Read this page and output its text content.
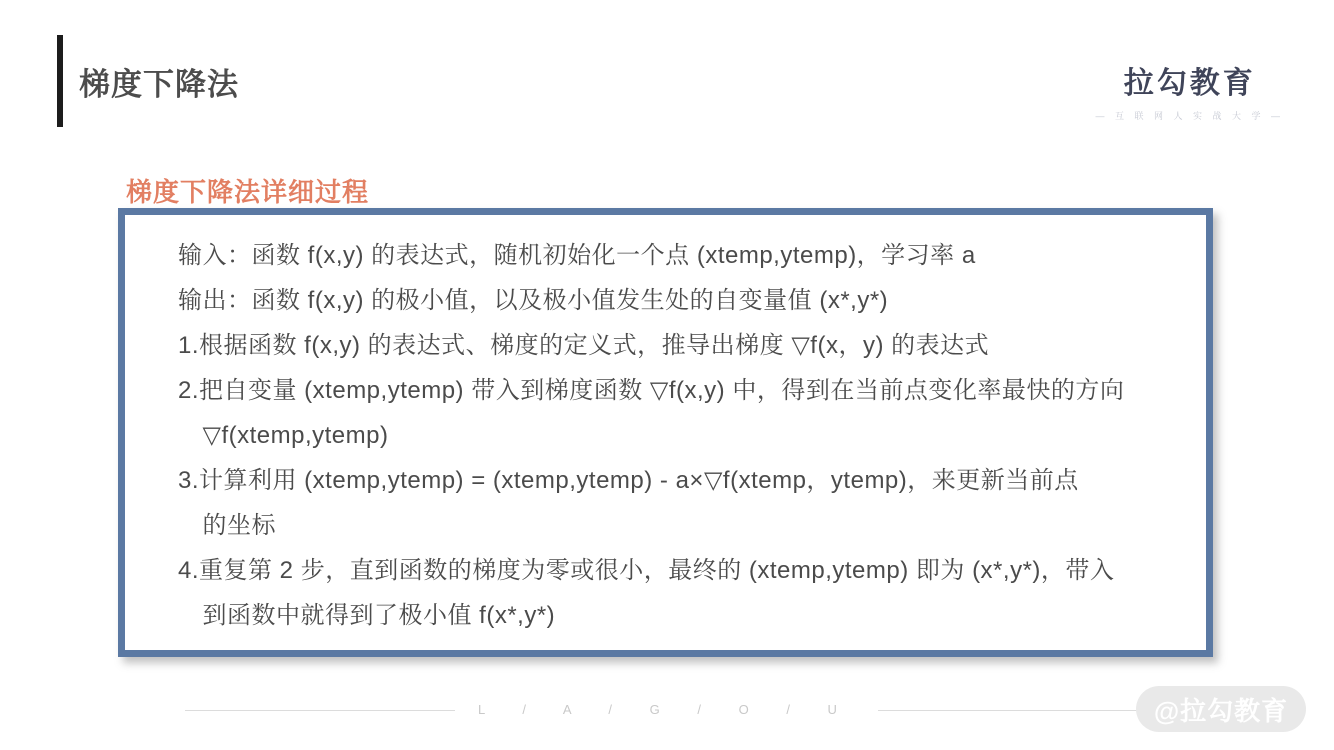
梯度下降法	拉勾教育
— 互 联 网 人 实 战 大 学 —
梯度下降法详细过程
输入：函数 f(x,y) 的表达式，随机初始化一个点 (xtemp,ytemp)，学习率 a
输出：函数 f(x,y) 的极小值，以及极小值发生处的自变量值 (x*,y*)
1.根据函数 f(x,y) 的表达式、梯度的定义式，推导出梯度 ▽f(x，y) 的表达式
2.把自变量 (xtemp,ytemp) 带入到梯度函数 ▽f(x,y) 中，得到在当前点变化率最快的方向
　▽f(xtemp,ytemp)
3.计算利用 (xtemp,ytemp) = (xtemp,ytemp) - a×▽f(xtemp，ytemp)，来更新当前点
　的坐标
4.重复第 2 步，直到函数的梯度为零或很小，最终的 (xtemp,ytemp) 即为 (x*,y*)，带入
　到函数中就得到了极小值 f(x*,y*)
L / A / G / O / U	@拉勾教育
